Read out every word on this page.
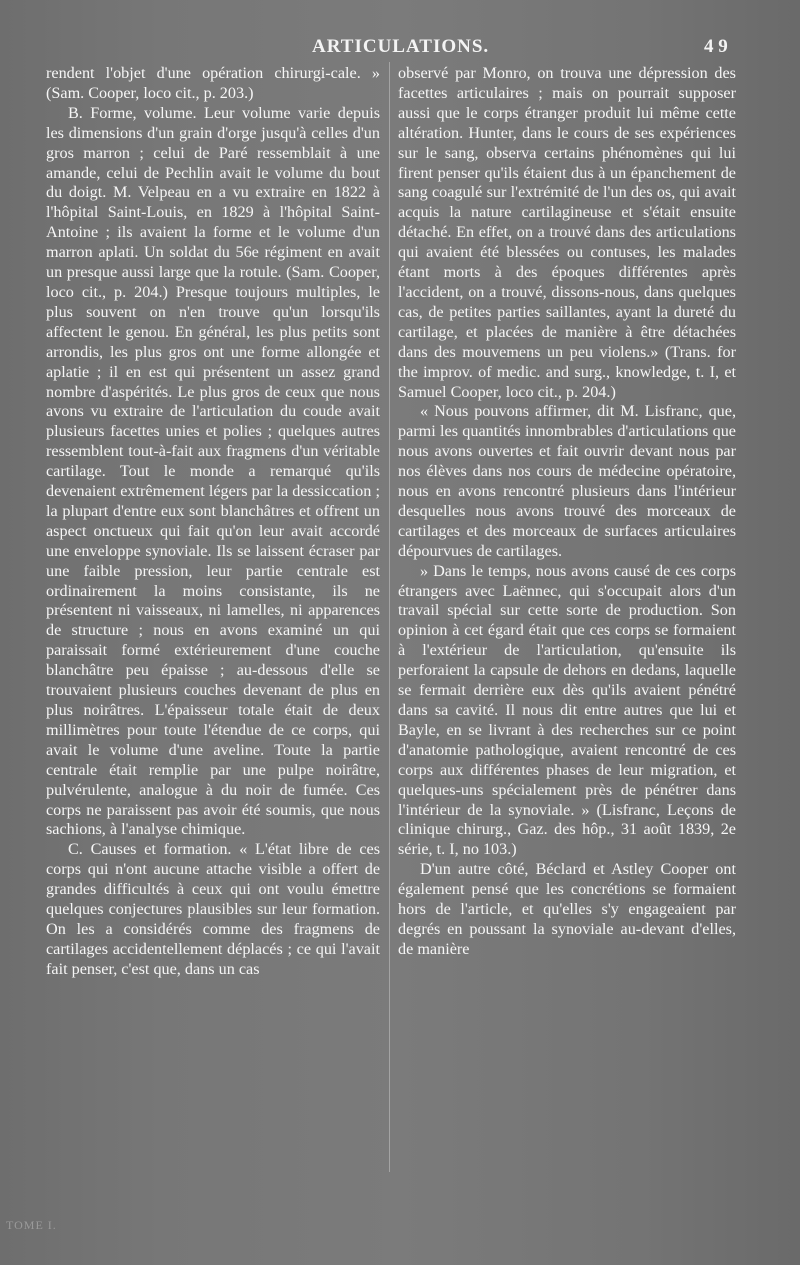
ARTICULATIONS.	4 9

rendent l'objet d'une opération chirurgi-cale. » (Sam. Cooper, loco cit., p. 203.)

B. Forme, volume. Leur volume varie depuis les dimensions d'un grain d'orge jusqu'à celles d'un gros marron ; celui de Paré ressemblait à une amande, celui de Pechlin avait le volume du bout du doigt. M. Velpeau en a vu extraire en 1822 à l'hôpital Saint-Louis, en 1829 à l'hôpital Saint-Antoine ; ils avaient la forme et le volume d'un marron aplati. Un soldat du 56e régiment en avait un presque aussi large que la rotule. (Sam. Cooper, loco cit., p. 204.) Presque toujours multiples, le plus souvent on n'en trouve qu'un lorsqu'ils affectent le genou. En général, les plus petits sont arrondis, les plus gros ont une forme allongée et aplatie ; il en est qui présentent un assez grand nombre d'aspérités. Le plus gros de ceux que nous avons vu extraire de l'articulation du coude avait plusieurs facettes unies et polies ; quelques autres ressemblent tout-à-fait aux fragmens d'un véritable cartilage. Tout le monde a remarqué qu'ils devenaient extrêmement légers par la dessiccation ; la plupart d'entre eux sont blanchâtres et offrent un aspect onctueux qui fait qu'on leur avait accordé une enveloppe synoviale. Ils se laissent écraser par une faible pression, leur partie centrale est ordinairement la moins consistante, ils ne présentent ni vaisseaux, ni lamelles, ni apparences de structure ; nous en avons examiné un qui paraissait formé extérieurement d'une couche blanchâtre peu épaisse ; au-dessous d'elle se trouvaient plusieurs couches devenant de plus en plus noirâtres. L'épaisseur totale était de deux millimètres pour toute l'étendue de ce corps, qui avait le volume d'une aveline. Toute la partie centrale était remplie par une pulpe noirâtre, pulvérulente, analogue à du noir de fumée. Ces corps ne paraissent pas avoir été soumis, que nous sachions, à l'analyse chimique.

C. Causes et formation. « L'état libre de ces corps qui n'ont aucune attache visible a offert de grandes difficultés à ceux qui ont voulu émettre quelques conjectures plausibles sur leur formation. On les a considérés comme des fragmens de cartilages accidentellement déplacés ; ce qui l'avait fait penser, c'est que, dans un cas

observé par Monro, on trouva une dépression des facettes articulaires ; mais on pourrait supposer aussi que le corps étranger produit lui même cette altération. Hunter, dans le cours de ses expériences sur le sang, observa certains phénomènes qui lui firent penser qu'ils étaient dus à un épanchement de sang coagulé sur l'extrémité de l'un des os, qui avait acquis la nature cartilagineuse et s'était ensuite détaché. En effet, on a trouvé dans des articulations qui avaient été blessées ou contuses, les malades étant morts à des époques différentes après l'accident, on a trouvé, dissons-nous, dans quelques cas, de petites parties saillantes, ayant la dureté du cartilage, et placées de manière à être détachées dans des mouvemens un peu violens.» (Trans. for the improv. of medic. and surg., knowledge, t. I, et Samuel Cooper, loco cit., p. 204.)

« Nous pouvons affirmer, dit M. Lisfranc, que, parmi les quantités innombrables d'articulations que nous avons ouvertes et fait ouvrir devant nous par nos élèves dans nos cours de médecine opératoire, nous en avons rencontré plusieurs dans l'intérieur desquelles nous avons trouvé des morceaux de cartilages et des morceaux de surfaces articulaires dépourvues de cartilages.

» Dans le temps, nous avons causé de ces corps étrangers avec Laënnec, qui s'occupait alors d'un travail spécial sur cette sorte de production. Son opinion à cet égard était que ces corps se formaient à l'extérieur de l'articulation, qu'ensuite ils perforaient la capsule de dehors en dedans, laquelle se fermait derrière eux dès qu'ils avaient pénétré dans sa cavité. Il nous dit entre autres que lui et Bayle, en se livrant à des recherches sur ce point d'anatomie pathologique, avaient rencontré de ces corps aux différentes phases de leur migration, et quelques-uns spécialement près de pénétrer dans l'intérieur de la synoviale. » (Lisfranc, Leçons de clinique chirurg., Gaz. des hôp., 31 août 1839, 2e série, t. I, no 103.)

D'un autre côté, Béclard et Astley Cooper ont également pensé que les concrétions se formaient hors de l'article, et qu'elles s'y engageaient par degrés en poussant la synoviale au-devant d'elles, de manière

TOME I.
